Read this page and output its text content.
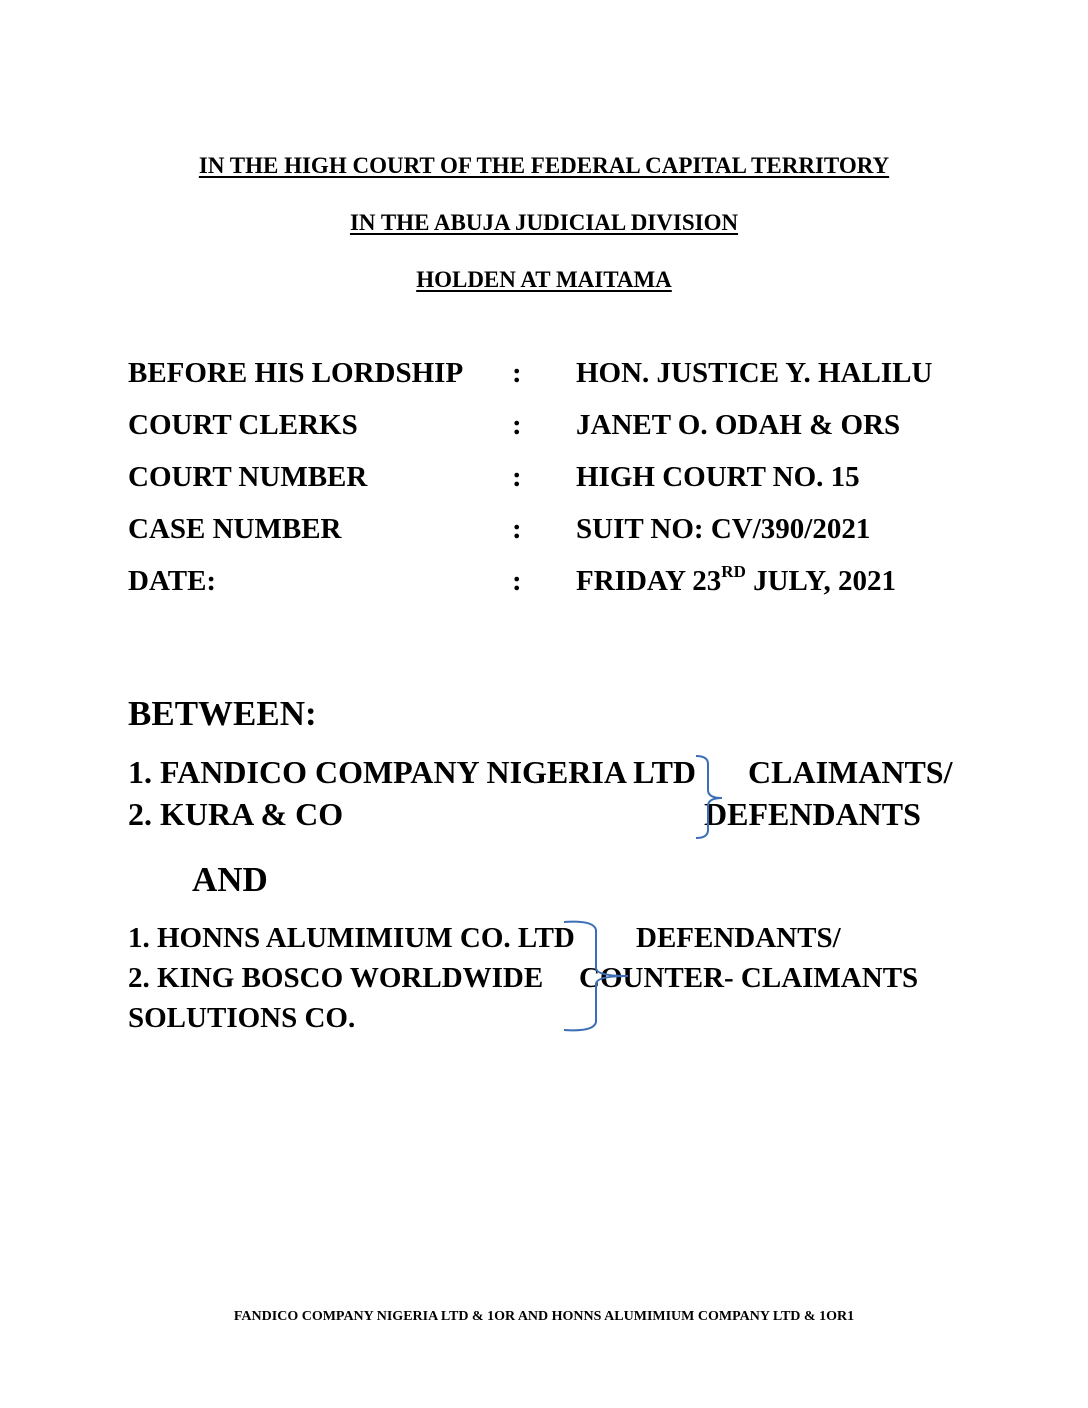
IN THE HIGH COURT OF THE FEDERAL CAPITAL TERRITORY
IN THE ABUJA JUDICIAL DIVISION
HOLDEN AT MAITAMA
BEFORE HIS LORDSHIP : HON. JUSTICE Y. HALILU
COURT CLERKS	: JANET O. ODAH & ORS
COURT NUMBER	: HIGH COURT NO. 15
CASE NUMBER	: SUIT NO: CV/390/2021
DATE:	: FRIDAY 23RD JULY, 2021
BETWEEN:
1. FANDICO COMPANY NIGERIA LTD
2. KURA & CO
CLAIMANTS/
DEFENDANTS
AND
1. HONNS ALUMIMIUM CO. LTD
2. KING BOSCO WORLDWIDE
SOLUTIONS CO.
DEFENDANTS/
COUNTER- CLAIMANTS
FANDICO COMPANY NIGERIA LTD & 1OR AND HONNS ALUMIMIUM COMPANY LTD & 1OR1
